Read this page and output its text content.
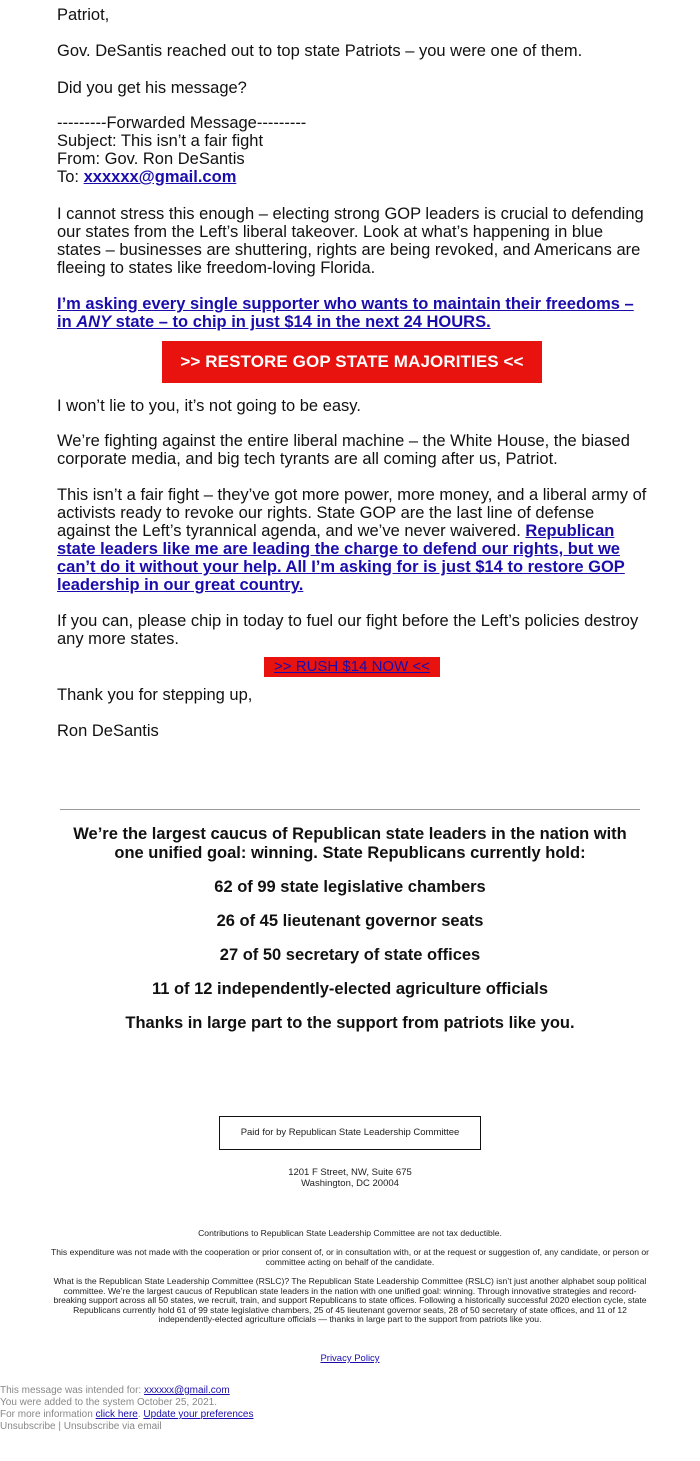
Patriot,

Gov. DeSantis reached out to top state Patriots – you were one of them.

Did you get his message?

---------Forwarded Message---------

Subject: This isn’t a fair fight

From: Gov. Ron DeSantis

To: xxxxxx@gmail.com

I cannot stress this enough – electing strong GOP leaders is crucial to defending our states from the Left’s liberal takeover. Look at what’s happening in blue states – businesses are shuttering, rights are being revoked, and Americans are fleeing to states like freedom-loving Florida.

I’m asking every single supporter who wants to maintain their freedoms – in ANY state – to chip in just $14 in the next 24 HOURS.

>> RESTORE GOP STATE MAJORITIES <<

I won’t lie to you, it’s not going to be easy.

We’re fighting against the entire liberal machine – the White House, the biased corporate media, and big tech tyrants are all coming after us, Patriot.

This isn’t a fair fight – they’ve got more power, more money, and a liberal army of activists ready to revoke our rights. State GOP are the last line of defense against the Left’s tyrannical agenda, and we’ve never waivered. Republican state leaders like me are leading the charge to defend our rights, but we can’t do it without your help. All I’m asking for is just $14 to restore GOP leadership in our great country.

If you can, please chip in today to fuel our fight before the Left’s policies destroy any more states.

>> RUSH $14 NOW <<

Thank you for stepping up,

Ron DeSantis

We’re the largest caucus of Republican state leaders in the nation with one unified goal: winning. State Republicans currently hold:

62 of 99 state legislative chambers

26 of 45 lieutenant governor seats

27 of 50 secretary of state offices

11 of 12 independently-elected agriculture officials

Thanks in large part to the support from patriots like you.

Paid for by Republican State Leadership Committee
1201 F Street, NW, Suite 675
Washington, DC 20004
Contributions to Republican State Leadership Committee are not tax deductible.
This expenditure was not made with the cooperation or prior consent of, or in consultation with, or at the request or suggestion of, any candidate, or person or committee acting on behalf of the candidate.
What is the Republican State Leadership Committee (RSLC)? The Republican State Leadership Committee (RSLC) isn’t just another alphabet soup political committee. We’re the largest caucus of Republican state leaders in the nation with one unified goal: winning. Through innovative strategies and record-breaking support across all 50 states, we recruit, train, and support Republicans to state offices. Following a historically successful 2020 election cycle, state Republicans currently hold 61 of 99 state legislative chambers, 25 of 45 lieutenant governor seats, 28 of 50 secretary of state offices, and 11 of 12 independently-elected agriculture officials — thanks in large part to the support from patriots like you.
Privacy Policy
This message was intended for: xxxxxx@gmail.com
You were added to the system October 25, 2021.
For more information click here. Update your preferences
Unsubscribe | Unsubscribe via email
